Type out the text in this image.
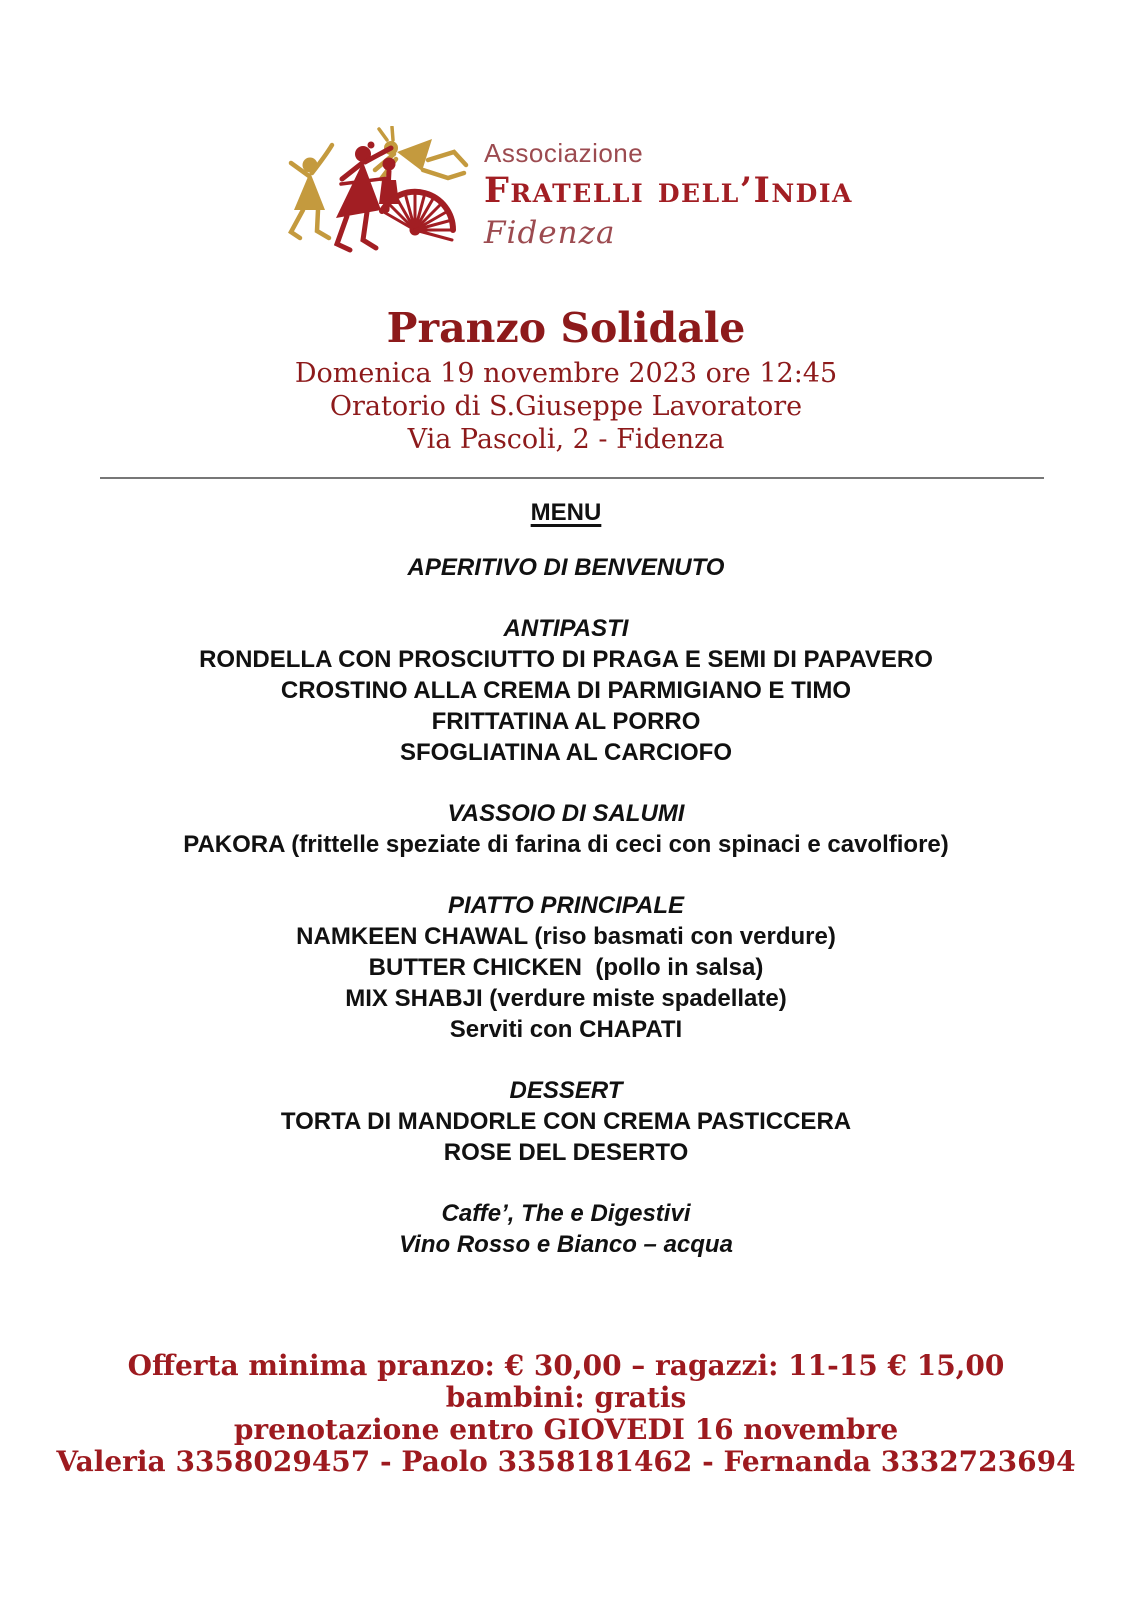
Associazione
Fratelli dell’India
Fidenza
Pranzo Solidale
Domenica 19 novembre 2023 ore 12:45
Oratorio di S.Giuseppe Lavoratore
Via Pascoli, 2 - Fidenza
MENU
APERITIVO DI BENVENUTO
ANTIPASTI
RONDELLA CON PROSCIUTTO DI PRAGA E SEMI DI PAPAVERO
CROSTINO ALLA CREMA DI PARMIGIANO E TIMO
FRITTATINA AL PORRO
SFOGLIATINA AL CARCIOFO
VASSOIO DI SALUMI
PAKORA (frittelle speziate di farina di ceci con spinaci e cavolfiore)
PIATTO PRINCIPALE
NAMKEEN CHAWAL (riso basmati con verdure)
BUTTER CHICKEN  (pollo in salsa)
MIX SHABJI (verdure miste spadellate)
Serviti con CHAPATI
DESSERT
TORTA DI MANDORLE CON CREMA PASTICCERA
ROSE DEL DESERTO
Caffe’, The e Digestivi
Vino Rosso e Bianco – acqua
Offerta minima pranzo: € 30,00 – ragazzi: 11-15 € 15,00
bambini: gratis
prenotazione entro GIOVEDI 16 novembre
Valeria 3358029457 - Paolo 3358181462 - Fernanda 3332723694
